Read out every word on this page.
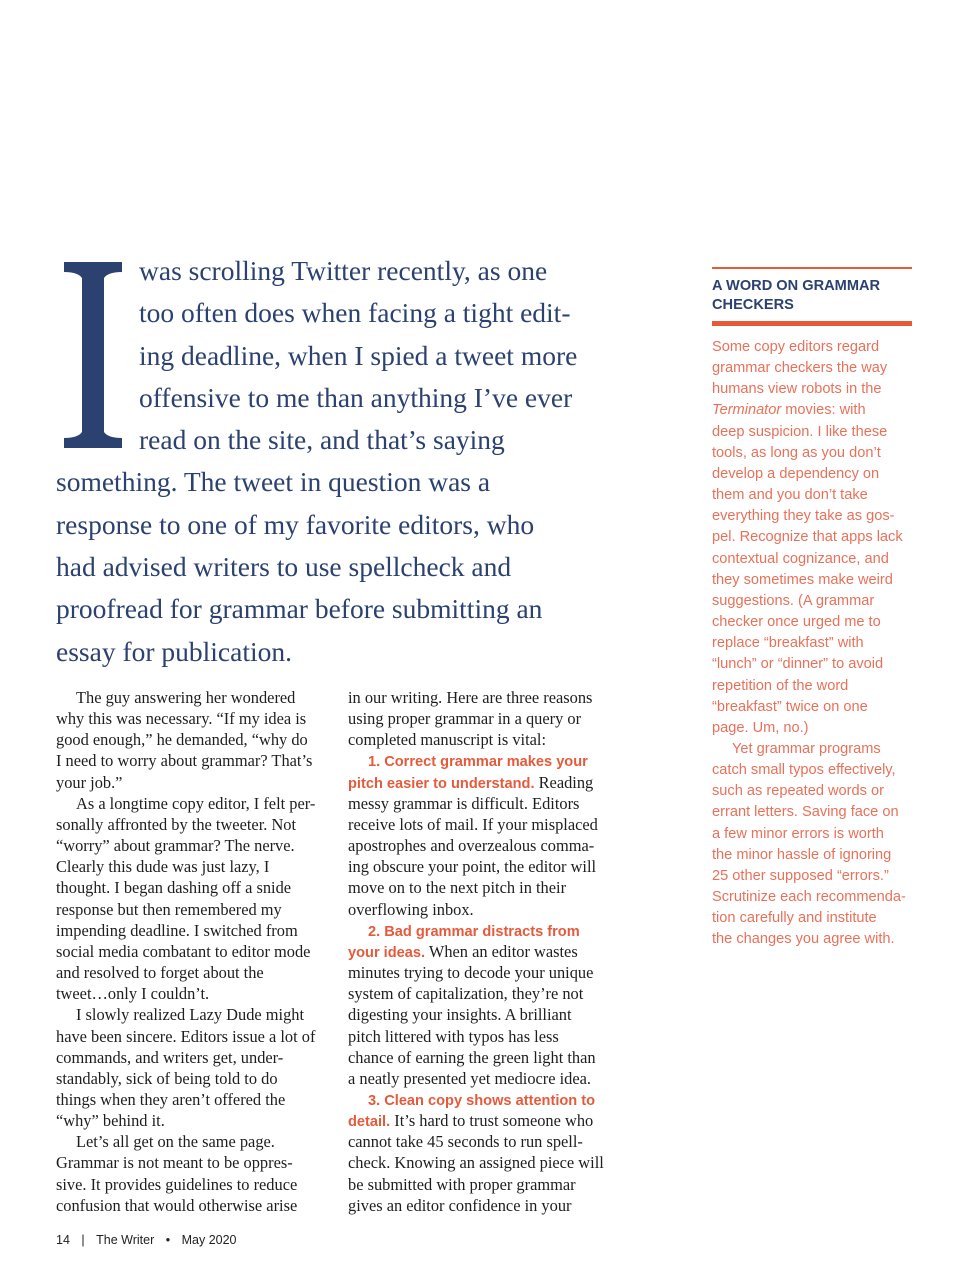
was scrolling Twitter recently, as one
too often does when facing a tight edit-
ing deadline, when I spied a tweet more
offensive to me than anything I’ve ever
read on the site, and that’s saying
something. The tweet in question was a
response to one of my favorite editors, who
had advised writers to use spellcheck and
proofread for grammar before submitting an
essay for publication.
The guy answering her wondered
why this was necessary. “If my idea is
good enough,” he demanded, “why do
I need to worry about grammar? That’s
your job.”
As a longtime copy editor, I felt per-
sonally affronted by the tweeter. Not
“worry” about grammar? The nerve.
Clearly this dude was just lazy, I
thought. I began dashing off a snide
response but then remembered my
impending deadline. I switched from
social media combatant to editor mode
and resolved to forget about the
tweet…only I couldn’t.
I slowly realized Lazy Dude might
have been sincere. Editors issue a lot of
commands, and writers get, under-
standably, sick of being told to do
things when they aren’t offered the
“why” behind it.
Let’s all get on the same page.
Grammar is not meant to be oppres-
sive. It provides guidelines to reduce
confusion that would otherwise arise
in our writing. Here are three reasons
using proper grammar in a query or
completed manuscript is vital:
1. Correct grammar makes your
pitch easier to understand. Reading
messy grammar is difficult. Editors
receive lots of mail. If your misplaced
apostrophes and overzealous comma-
ing obscure your point, the editor will
move on to the next pitch in their
overflowing inbox.
2. Bad grammar distracts from
your ideas. When an editor wastes
minutes trying to decode your unique
system of capitalization, they’re not
digesting your insights. A brilliant
pitch littered with typos has less
chance of earning the green light than
a neatly presented yet mediocre idea.
3. Clean copy shows attention to
detail. It’s hard to trust someone who
cannot take 45 seconds to run spell-
check. Knowing an assigned piece will
be submitted with proper grammar
gives an editor confidence in your
A WORD ON GRAMMAR CHECKERS
Some copy editors regard
grammar checkers the way
humans view robots in the
Terminator movies: with
deep suspicion. I like these
tools, as long as you don’t
develop a dependency on
them and you don’t take
everything they take as gos-
pel. Recognize that apps lack
contextual cognizance, and
they sometimes make weird
suggestions. (A grammar
checker once urged me to
replace “breakfast” with
“lunch” or “dinner” to avoid
repetition of the word
“breakfast” twice on one
page. Um, no.)
Yet grammar programs
catch small typos effectively,
such as repeated words or
errant letters. Saving face on
a few minor errors is worth
the minor hassle of ignoring
25 other supposed “errors.”
Scrutinize each recommenda-
tion carefully and institute
the changes you agree with.
14 | The Writer • May 2020
